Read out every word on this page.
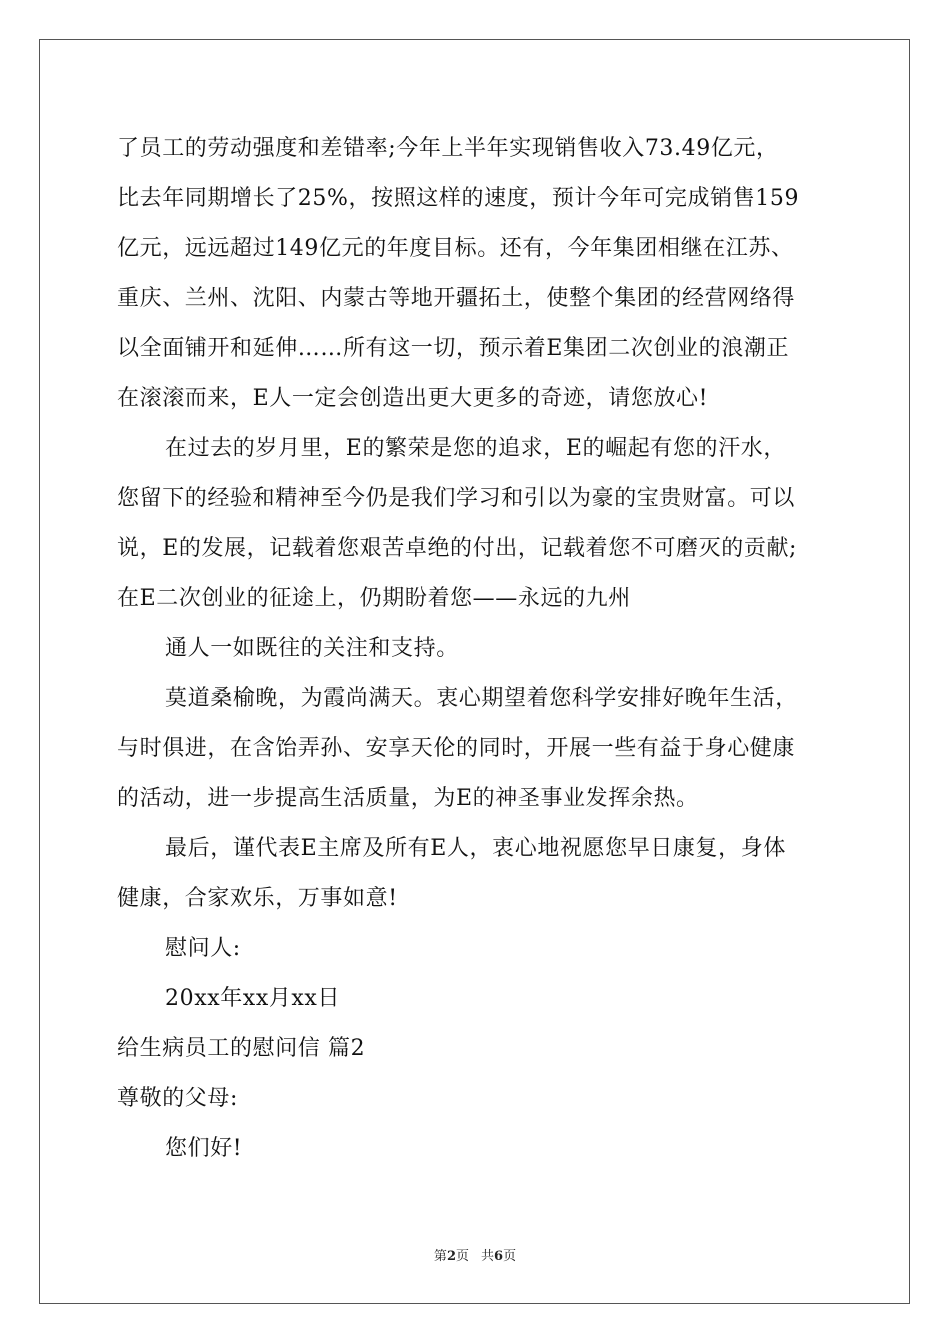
了员工的劳动强度和差错率;今年上半年实现销售收入73.49亿元，
比去年同期增长了25%，按照这样的速度，预计今年可完成销售159
亿元，远远超过149亿元的年度目标。还有，今年集团相继在江苏、
重庆、兰州、沈阳、内蒙古等地开疆拓土，使整个集团的经营网络得
以全面铺开和延伸……所有这一切，预示着E集团二次创业的浪潮正
在滚滚而来，E人一定会创造出更大更多的奇迹，请您放心!
在过去的岁月里，E的繁荣是您的追求，E的崛起有您的汗水，
您留下的经验和精神至今仍是我们学习和引以为豪的宝贵财富。可以
说，E的发展，记载着您艰苦卓绝的付出，记载着您不可磨灭的贡献;
在E二次创业的征途上，仍期盼着您——永远的九州
通人一如既往的关注和支持。
莫道桑榆晚，为霞尚满天。衷心期望着您科学安排好晚年生活，
与时俱进，在含饴弄孙、安享天伦的同时，开展一些有益于身心健康
的活动，进一步提高生活质量，为E的神圣事业发挥余热。
最后，谨代表E主席及所有E人，衷心地祝愿您早日康复，身体
健康，合家欢乐，万事如意!
慰问人:
20xx年xx月xx日
给生病员工的慰问信 篇2
尊敬的父母:
您们好!
第2页 共6页
